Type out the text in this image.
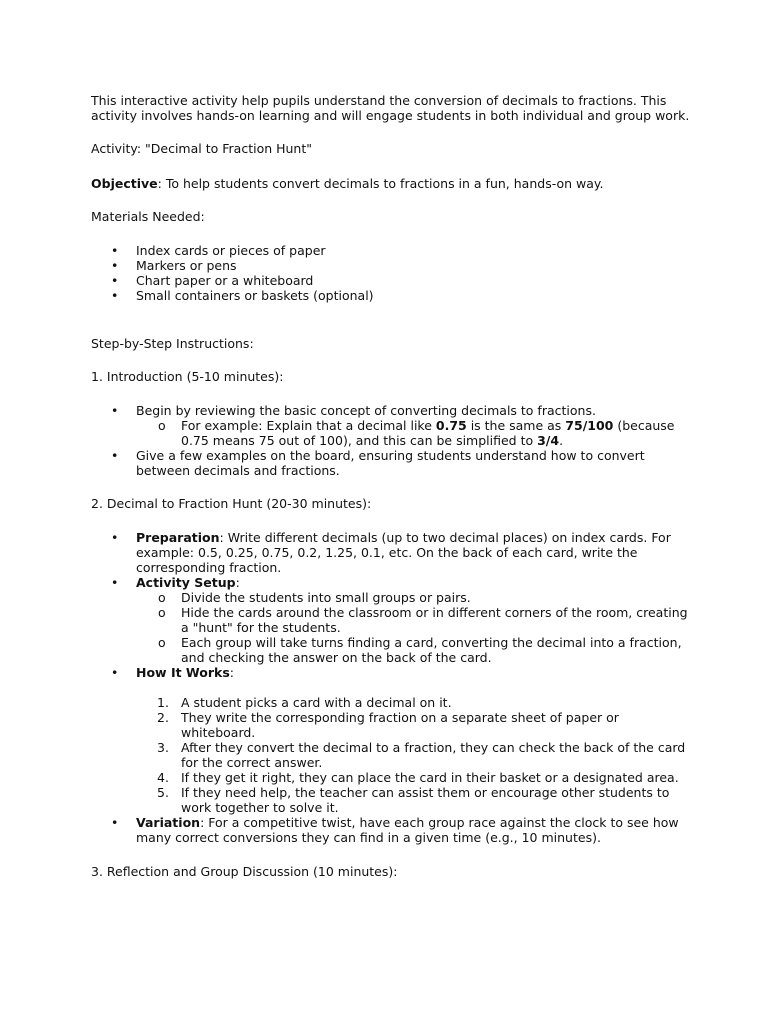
This interactive activity help pupils understand the conversion of decimals to fractions. This activity involves hands-on learning and will engage students in both individual and group work.

Activity: "Decimal to Fraction Hunt"

Objective: To help students convert decimals to fractions in a fun, hands-on way.

Materials Needed:

• Index cards or pieces of paper
• Markers or pens
• Chart paper or a whiteboard
• Small containers or baskets (optional)

Step-by-Step Instructions:

1. Introduction (5-10 minutes):

• Begin by reviewing the basic concept of converting decimals to fractions.
o For example: Explain that a decimal like 0.75 is the same as 75/100 (because 0.75 means 75 out of 100), and this can be simplified to 3/4.
• Give a few examples on the board, ensuring students understand how to convert between decimals and fractions.

2. Decimal to Fraction Hunt (20-30 minutes):

• Preparation: Write different decimals (up to two decimal places) on index cards. For example: 0.5, 0.25, 0.75, 0.2, 1.25, 0.1, etc. On the back of each card, write the corresponding fraction.
• Activity Setup:
o Divide the students into small groups or pairs.
o Hide the cards around the classroom or in different corners of the room, creating a "hunt" for the students.
o Each group will take turns finding a card, converting the decimal into a fraction, and checking the answer on the back of the card.
• How It Works:
1. A student picks a card with a decimal on it.
2. They write the corresponding fraction on a separate sheet of paper or whiteboard.
3. After they convert the decimal to a fraction, they can check the back of the card for the correct answer.
4. If they get it right, they can place the card in their basket or a designated area.
5. If they need help, the teacher can assist them or encourage other students to work together to solve it.
• Variation: For a competitive twist, have each group race against the clock to see how many correct conversions they can find in a given time (e.g., 10 minutes).

3. Reflection and Group Discussion (10 minutes):
